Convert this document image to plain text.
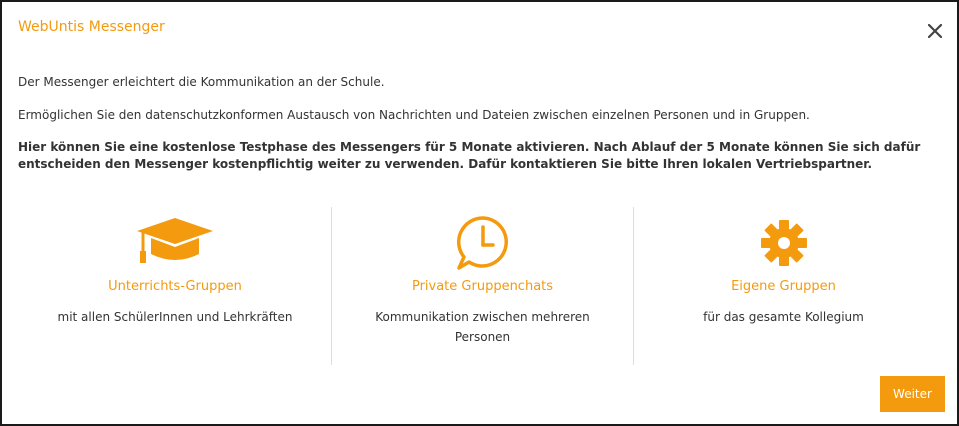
WebUntis Messenger
Der Messenger erleichtert die Kommunikation an der Schule.
Ermöglichen Sie den datenschutzkonformen Austausch von Nachrichten und Dateien zwischen einzelnen Personen und in Gruppen.
Hier können Sie eine kostenlose Testphase des Messengers für 5 Monate aktivieren. Nach Ablauf der 5 Monate können Sie sich dafür entscheiden den Messenger kostenpflichtig weiter zu verwenden. Dafür kontaktieren Sie bitte Ihren lokalen Vertriebspartner.
Unterrichts-Gruppen
mit allen SchülerInnen und Lehrkräften
Private Gruppenchats
Kommunikation zwischen mehreren Personen
Eigene Gruppen
für das gesamte Kollegium
Weiter
